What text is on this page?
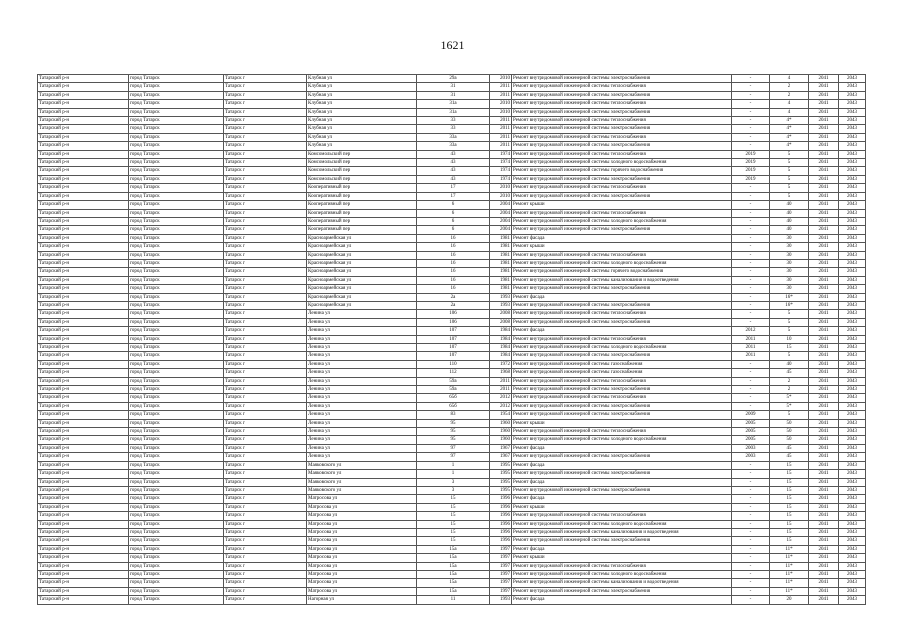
1621
Татарский р-н	город Татарск	Татарск г	Клубная ул	29а	2010	Ремонт внутридомовой инженерной системы электроснабжения	-	4	2041	2043
Татарский р-н	город Татарск	Татарск г	Клубная ул	31	2011	Ремонт внутридомовой инженерной системы теплоснабжения	-	2	2041	2043
Татарский р-н	город Татарск	Татарск г	Клубная ул	31	2011	Ремонт внутридомовой инженерной системы электроснабжения	-	2	2041	2043
Татарский р-н	город Татарск	Татарск г	Клубная ул	31а	2010	Ремонт внутридомовой инженерной системы теплоснабжения	-	4	2041	2043
Татарский р-н	город Татарск	Татарск г	Клубная ул	31а	2010	Ремонт внутридомовой инженерной системы электроснабжения	-	4	2041	2043
Татарский р-н	город Татарск	Татарск г	Клубная ул	33	2011	Ремонт внутридомовой инженерной системы теплоснабжения	-	4*	2041	2043
Татарский р-н	город Татарск	Татарск г	Клубная ул	33	2011	Ремонт внутридомовой инженерной системы электроснабжения	-	4*	2041	2043
Татарский р-н	город Татарск	Татарск г	Клубная ул	33а	2011	Ремонт внутридомовой инженерной системы теплоснабжения	-	4*	2041	2043
Татарский р-н	город Татарск	Татарск г	Клубная ул	33а	2011	Ремонт внутридомовой инженерной системы электроснабжения	-	4*	2041	2043
Татарский р-н	город Татарск	Татарск г	Комсомольский пер	43	1974	Ремонт внутридомовой инженерной системы теплоснабжения	2019	5	2041	2043
Татарский р-н	город Татарск	Татарск г	Комсомольский пер	43	1974	Ремонт внутридомовой инженерной системы холодного водоснабжения	2019	5	2041	2043
Татарский р-н	город Татарск	Татарск г	Комсомольский пер	43	1974	Ремонт внутридомовой инженерной системы горячего водоснабжения	2019	5	2041	2043
Татарский р-н	город Татарск	Татарск г	Комсомольский пер	43	1974	Ремонт внутридомовой инженерной системы электроснабжения	2019	5	2041	2043
Татарский р-н	город Татарск	Татарск г	Кооперативный пер	17	2010	Ремонт внутридомовой инженерной системы теплоснабжения	-	5	2041	2043
Татарский р-н	город Татарск	Татарск г	Кооперативный пер	17	2010	Ремонт внутридомовой инженерной системы электроснабжения	-	5	2041	2043
Татарский р-н	город Татарск	Татарск г	Кооперативный пер	6	2004	Ремонт крыши	-	40	2041	2043
Татарский р-н	город Татарск	Татарск г	Кооперативный пер	6	2004	Ремонт внутридомовой инженерной системы теплоснабжения	-	40	2041	2043
Татарский р-н	город Татарск	Татарск г	Кооперативный пер	6	2004	Ремонт внутридомовой инженерной системы холодного водоснабжения	-	40	2041	2043
Татарский р-н	город Татарск	Татарск г	Кооперативный пер	6	2004	Ремонт внутридомовой инженерной системы электроснабжения	-	40	2041	2043
Татарский р-н	город Татарск	Татарск г	Красноармейская ул	16	1981	Ремонт фасада	-	30	2041	2043
Татарский р-н	город Татарск	Татарск г	Красноармейская ул	16	1981	Ремонт крыши	-	30	2041	2043
Татарский р-н	город Татарск	Татарск г	Красноармейская ул	16	1981	Ремонт внутридомовой инженерной системы теплоснабжения	-	30	2041	2043
Татарский р-н	город Татарск	Татарск г	Красноармейская ул	16	1981	Ремонт внутридомовой инженерной системы холодного водоснабжения	-	30	2041	2043
Татарский р-н	город Татарск	Татарск г	Красноармейская ул	16	1981	Ремонт внутридомовой инженерной системы горячего водоснабжения	-	30	2041	2043
Татарский р-н	город Татарск	Татарск г	Красноармейская ул	16	1981	Ремонт внутридомовой инженерной системы канализования и водоотведения	-	30	2041	2043
Татарский р-н	город Татарск	Татарск г	Красноармейская ул	16	1981	Ремонт внутридомовой инженерной системы электроснабжения	-	30	2041	2043
Татарский р-н	город Татарск	Татарск г	Красноармейская ул	2а	1993	Ремонт фасада	-	16*	2041	2043
Татарский р-н	город Татарск	Татарск г	Красноармейская ул	2а	1993	Ремонт внутридомовой инженерной системы электроснабжения	-	16*	2041	2043
Татарский р-н	город Татарск	Татарск г	Ленина ул	106	2008	Ремонт внутридомовой инженерной системы теплоснабжения	-	5	2041	2043
Татарский р-н	город Татарск	Татарск г	Ленина ул	106	2008	Ремонт внутридомовой инженерной системы электроснабжения	-	5	2041	2043
Татарский р-н	город Татарск	Татарск г	Ленина ул	107	1984	Ремонт фасада	2012	5	2041	2043
Татарский р-н	город Татарск	Татарск г	Ленина ул	107	1984	Ремонт внутридомовой инженерной системы теплоснабжения	2011	10	2041	2043
Татарский р-н	город Татарск	Татарск г	Ленина ул	107	1984	Ремонт внутридомовой инженерной системы холодного водоснабжения	2011	15	2041	2043
Татарский р-н	город Татарск	Татарск г	Ленина ул	107	1984	Ремонт внутридомовой инженерной системы электроснабжения	2011	5	2041	2043
Татарский р-н	город Татарск	Татарск г	Ленина ул	110	1972	Ремонт внутридомовой инженерной системы газоснабжения	-	40	2041	2043
Татарский р-н	город Татарск	Татарск г	Ленина ул	112	1968	Ремонт внутридомовой инженерной системы газоснабжения	-	45	2041	2043
Татарский р-н	город Татарск	Татарск г	Ленина ул	59а	2011	Ремонт внутридомовой инженерной системы теплоснабжения	-	2	2041	2043
Татарский р-н	город Татарск	Татарск г	Ленина ул	59а	2011	Ремонт внутридомовой инженерной системы электроснабжения	-	2	2041	2043
Татарский р-н	город Татарск	Татарск г	Ленина ул	65б	2012	Ремонт внутридомовой инженерной системы теплоснабжения	-	5*	2041	2043
Татарский р-н	город Татарск	Татарск г	Ленина ул	65б	2012	Ремонт внутридомовой инженерной системы электроснабжения	-	5*	2041	2043
Татарский р-н	город Татарск	Татарск г	Ленина ул	83	1954	Ремонт внутридомовой инженерной системы электроснабжения	2009	5	2041	2043
Татарский р-н	город Татарск	Татарск г	Ленина ул	95	1960	Ремонт крыши	2005	50	2041	2043
Татарский р-н	город Татарск	Татарск г	Ленина ул	95	1960	Ремонт внутридомовой инженерной системы теплоснабжения	2005	50	2041	2043
Татарский р-н	город Татарск	Татарск г	Ленина ул	95	1960	Ремонт внутридомовой инженерной системы холодного водоснабжения	2005	50	2041	2043
Татарский р-н	город Татарск	Татарск г	Ленина ул	97	1967	Ремонт фасада	2003	45	2041	2043
Татарский р-н	город Татарск	Татарск г	Ленина ул	97	1967	Ремонт внутридомовой инженерной системы электроснабжения	2003	45	2041	2043
Татарский р-н	город Татарск	Татарск г	Маяковского ул	1	1995	Ремонт фасада	-	15	2041	2043
Татарский р-н	город Татарск	Татарск г	Маяковского ул	1	1995	Ремонт внутридомовой инженерной системы электроснабжения	-	15	2041	2043
Татарский р-н	город Татарск	Татарск г	Маяковского ул	3	1995	Ремонт фасада	-	15	2041	2043
Татарский р-н	город Татарск	Татарск г	Маяковского ул	3	1995	Ремонт внутридомовой инженерной системы электроснабжения	-	15	2041	2043
Татарский р-н	город Татарск	Татарск г	Матросова ул	15	1996	Ремонт фасада	-	15	2041	2043
Татарский р-н	город Татарск	Татарск г	Матросова ул	15	1996	Ремонт крыши	-	15	2041	2043
Татарский р-н	город Татарск	Татарск г	Матросова ул	15	1996	Ремонт внутридомовой инженерной системы теплоснабжения	-	15	2041	2043
Татарский р-н	город Татарск	Татарск г	Матросова ул	15	1996	Ремонт внутридомовой инженерной системы холодного водоснабжения	-	15	2041	2043
Татарский р-н	город Татарск	Татарск г	Матросова ул	15	1996	Ремонт внутридомовой инженерной системы канализования и водоотведения	-	15	2041	2043
Татарский р-н	город Татарск	Татарск г	Матросова ул	15	1996	Ремонт внутридомовой инженерной системы электроснабжения	-	15	2041	2043
Татарский р-н	город Татарск	Татарск г	Матросова ул	15а	1997	Ремонт фасада	-	11*	2041	2043
Татарский р-н	город Татарск	Татарск г	Матросова ул	15а	1997	Ремонт крыши	-	11*	2041	2043
Татарский р-н	город Татарск	Татарск г	Матросова ул	15а	1997	Ремонт внутридомовой инженерной системы теплоснабжения	-	11*	2041	2043
Татарский р-н	город Татарск	Татарск г	Матросова ул	15а	1997	Ремонт внутридомовой инженерной системы холодного водоснабжения	-	11*	2041	2043
Татарский р-н	город Татарск	Татарск г	Матросова ул	15а	1997	Ремонт внутридомовой инженерной системы канализования и водоотведения	-	11*	2041	2043
Татарский р-н	город Татарск	Татарск г	Матросова ул	15а	1997	Ремонт внутридомовой инженерной системы электроснабжения	-	11*	2041	2043
Татарский р-н	город Татарск	Татарск г	Нагорная ул	11	1993	Ремонт фасада	-	20	2041	2043
